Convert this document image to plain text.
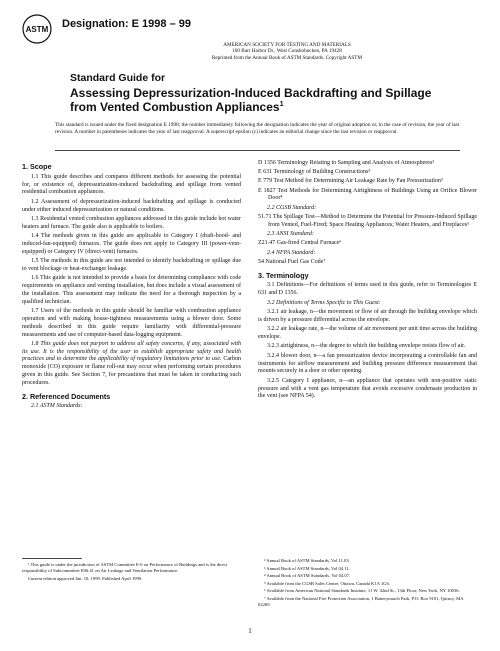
ASTM Designation: E 1998 – 99
AMERICAN SOCIETY FOR TESTING AND MATERIALS
100 Barr Harbor Dr., West Conshohocken, PA 19428
Reprinted from the Annual Book of ASTM Standards. Copyright ASTM
Standard Guide for
Assessing Depressurization-Induced Backdrafting and Spillage from Vented Combustion Appliances$^1$
This standard is issued under the fixed designation E 1998; the number immediately following the designation indicates the year of original adoption or, in the case of revision, the year of last revision. A number in parentheses indicates the year of last reapproval. A superscript epsilon (ε) indicates an editorial change since the last revision or reapproval.
1. Scope

1.1 This guide describes and compares different methods for assessing the potential for, or existence of, depressurization-induced backdrafting and spillage from vented residential combustion appliances.

1.2 Assessment of depressurization-induced backdrafting and spillage is conducted under either induced depressurization or natural conditions.

1.3 Residential vented combustion appliances addressed in this guide include hot water heaters and furnace. The guide also is applicable to boilers.

1.4 The methods given in this guide are applicable to Category I (draft-hood- and induced-fan-equipped) furnaces. The guide does not apply to Category III (power-vent-equipped) or Category IV (direct-vent) furnaces.

1.5 The methods in this guide are not intended to identify backdrafting or spillage due to vent blockage or heat-exchanger leakage.

1.6 This guide is not intended to provide a basis for determining compliance with code requirements on appliance and venting installation, but does include a visual assessment of the installation. This assessment may indicate the need for a thorough inspection by a qualified technician.

1.7 Users of the methods in this guide should be familiar with combustion appliance operation and with making house-tightness measurements using a blower door. Some methods described in this guide require familiarity with differential-pressure measurements and use of computer-based data-logging equipment.

1.8 This guide does not purport to address all safety concerns, if any, associated with its use. It is the responsibility of the user to establish appropriate safety and health practices and to determine the applicability of regulatory limitations prior to use. Carbon monoxide (CO) exposure or flame roll-out may occur when performing certain procedures given in this guide. See Section 7, for precautions that must be taken in conducting such procedures.

2. Referenced Documents

2.1 ASTM Standards:

D 1356 Terminology Relating to Sampling and Analysis of Atmospheres²

E 631 Terminology of Building Constructions³

E 779 Test Method for Determining Air Leakage Rate by Fan Pressurization³

E 1827 Test Methods for Determining Airtightness of Buildings Using an Orifice Blower Door⁴

2.2 CGSB Standard:

51.71 The Spillage Test—Method to Determine the Potential for Pressure-Induced Spillage from Vented, Fuel-Fired; Space Heating Appliances; Water Heaters, and Fireplaces⁵

2.3 ANSI Standard:

Z21.47 Gas-fired Central Furnace⁶

2.4 NFPA Standard:

54 National Fuel Gas Code⁷

3. Terminology

3.1 Definitions—For definitions of terms used in this guide, refer to Terminologies E 631 and D 1356.

3.2 Definitions of Terms Specific to This Guest:

3.2.1 air leakage, n—the movement or flow of air through the building envelope which is driven by a pressure differential across the envelope.

3.2.2 air leakage rate, n—the volume of air movement per unit time across the building envelope.

3.2.3 airtightness, n—the degree to which the building envelope resists flow of air.

3.2.4 blower door, n—a fan pressurization device incorporating a controllable fan and instruments for airflow measurement and building pressure difference measurement that mounts securely in a door or other opening.

3.2.5 Category I appliance, n—an appliance that operates with non-positive static pressure and with a vent gas temperature that avoids excessive condensate production in the vent (see NFPA 54).

¹ This guide is under the jurisdiction of ASTM Committee E-6 on Performance of Buildings and is the direct responsibility of Subcommittee E06.41 on Air Leakage and Ventilation Performance.

Current edition approved Jan. 10, 1999. Published April 1999.

² Annual Book of ASTM Standards, Vol 11.03.

³ Annual Book of ASTM Standards, Vol 04.11.

⁴ Annual Book of ASTM Standards, Vol 04.07.

⁵ Available from the CGSB Sales Centre, Ottawa, Canada K1A 1G6.

⁶ Available from American National Standards Institute, 11 W. 42nd St., 13th Floor, New York, NY 10036.

⁷ Available from the National Fire Protection Association, 1 Batterymarch Park, P.O. Box 9101, Quincy, MA 02269.

1
